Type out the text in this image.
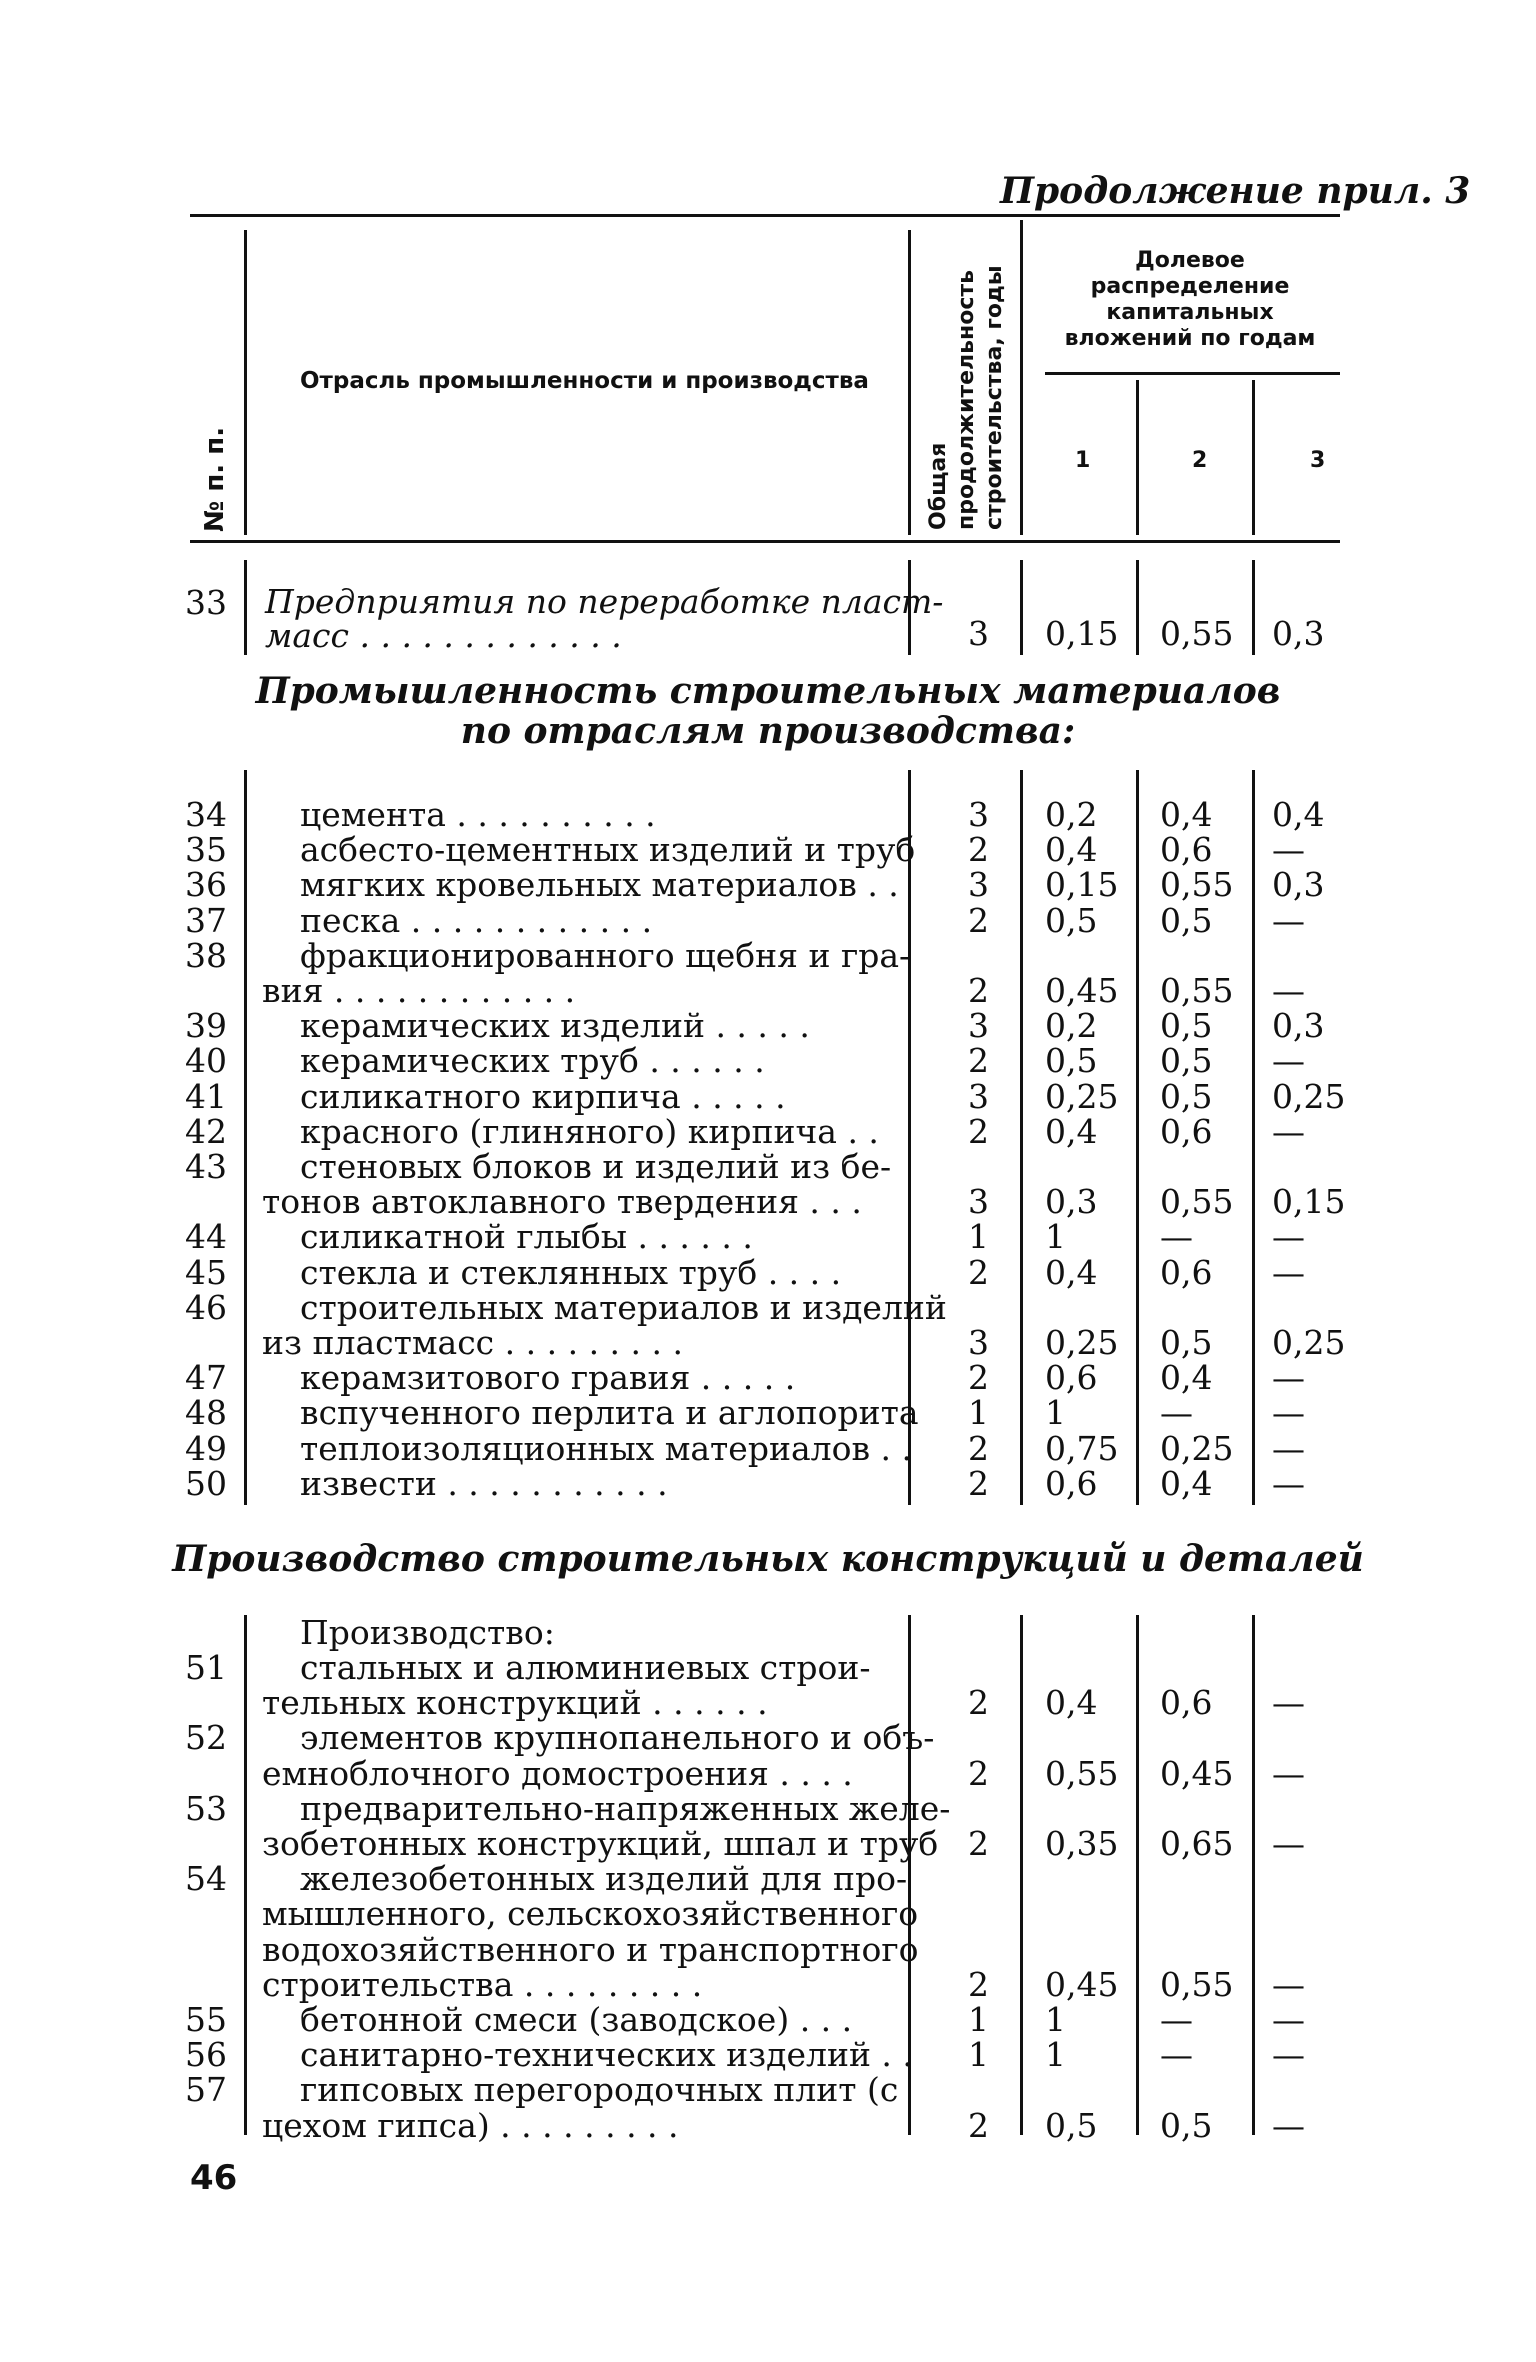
Продолжение прил. 3
№ п. п.
Отрасль промышленности и производства
Общая продолжительность строительства, годы
Долевое распределение капитальных вложений по годам
1	2	3
33 Предприятия по переработке пласт-
масс . . . . . . . . . . . . .	3 0,15 0,55 0,3
Промышленность строительных материалов
по отраслям производства:
34 цемента . . . . . . . . . .	3 0,2 0,4 0,4
35 асбесто-цементных изделий и труб 2 0,4 0,6 —
36 мягких кровельных материалов . . 3 0,15 0,55 0,3
37 песка . . . . . . . . . . . .	2 0,5 0,5 —
38 фракционированного щебня и гра-
вия . . . . . . . . . . . .	2 0,45 0,55 —
39 керамических изделий . . . . .	3 0,2 0,5 0,3
40 керамических труб . . . . . .	2 0,5 0,5 —
41 силикатного кирпича . . . . .	3 0,25 0,5 0,25
42 красного (глиняного) кирпича . .	2 0,4 0,6 —
43 стеновых блоков и изделий из бе-
тонов автоклавного твердения . . .	3 0,3 0,55 0,15
44 силикатной глыбы . . . . . .	1 1	— —
45 стекла и стеклянных труб . . . .	2 0,4 0,6 —
46 строительных материалов и изделий
из пластмасс . . . . . . . . .	3 0,25 0,5 0,25
47 керамзитового гравия . . . . .	2 0,6 0,4 —
48 вспученного перлита и аглопорита 1 1	— —
49 теплоизоляционных материалов . . 2 0,75 0,25 —
50 извести . . . . . . . . . . .	2 0,6 0,4 —
Производство строительных конструкций и деталей
Производство:
51 стальных и алюминиевых строи-
тельных конструкций . . . . . .	2 0,4 0,6 —
52 элементов крупнопанельного и объ-
емноблочного домостроения . . . .	2 0,55 0,45 —
53 предварительно-напряженных желе-
зобетонных конструкций, шпал и труб 2 0,35 0,65 —
54 железобетонных изделий для про-
мышленного, сельскохозяйственного
водохозяйственного и транспортного
строительства . . . . . . . . .	2 0,45 0,55 —
55 бетонной смеси (заводское) . . .	1 1	— —
56 санитарно-технических изделий . . 1 1	— —
57 гипсовых перегородочных плит (с
цехом гипса) . . . . . . . . .	2 0,5 0,5 —
46
